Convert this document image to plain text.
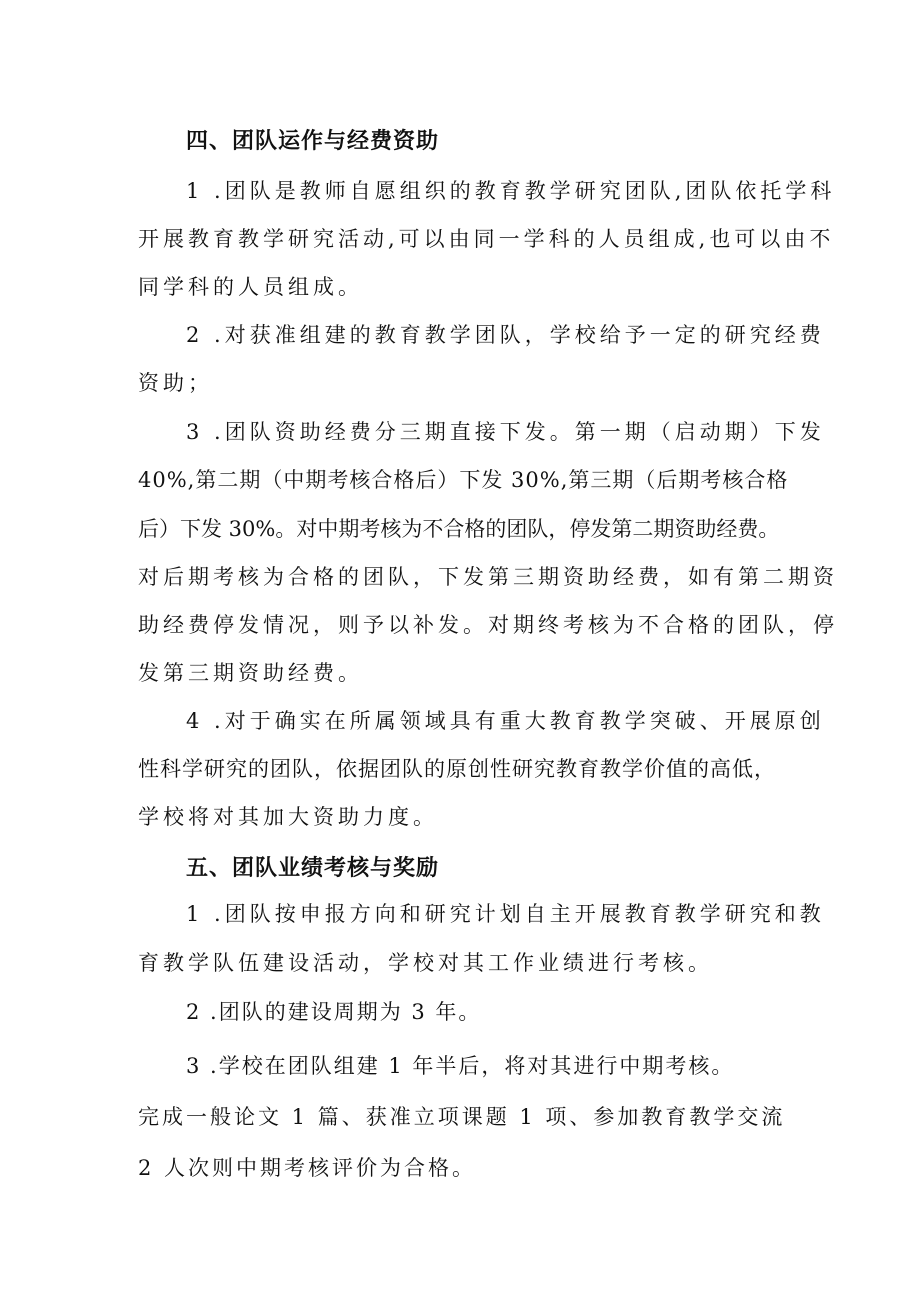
四、团队运作与经费资助
1 .团队是教师自愿组织的教育教学研究团队,团队依托学科
开展教育教学研究活动,可以由同一学科的人员组成,也可以由不
同学科的人员组成。
2 .对获准组建的教育教学团队，学校给予一定的研究经费
资助；
3 .团队资助经费分三期直接下发。第一期（启动期）下发
40%,第二期（中期考核合格后）下发 30%,第三期（后期考核合格
后）下发 30%。对中期考核为不合格的团队，停发第二期资助经费。
对后期考核为合格的团队，下发第三期资助经费，如有第二期资
助经费停发情况，则予以补发。对期终考核为不合格的团队，停
发第三期资助经费。
4 .对于确实在所属领域具有重大教育教学突破、开展原创
性科学研究的团队，依据团队的原创性研究教育教学价值的高低，
学校将对其加大资助力度。
五、团队业绩考核与奖励
1 .团队按申报方向和研究计划自主开展教育教学研究和教
育教学队伍建设活动，学校对其工作业绩进行考核。
2 .团队的建设周期为 3 年。
3 .学校在团队组建 1 年半后，将对其进行中期考核。
完成一般论文 1 篇、获准立项课题 1 项、参加教育教学交流
2 人次则中期考核评价为合格。
